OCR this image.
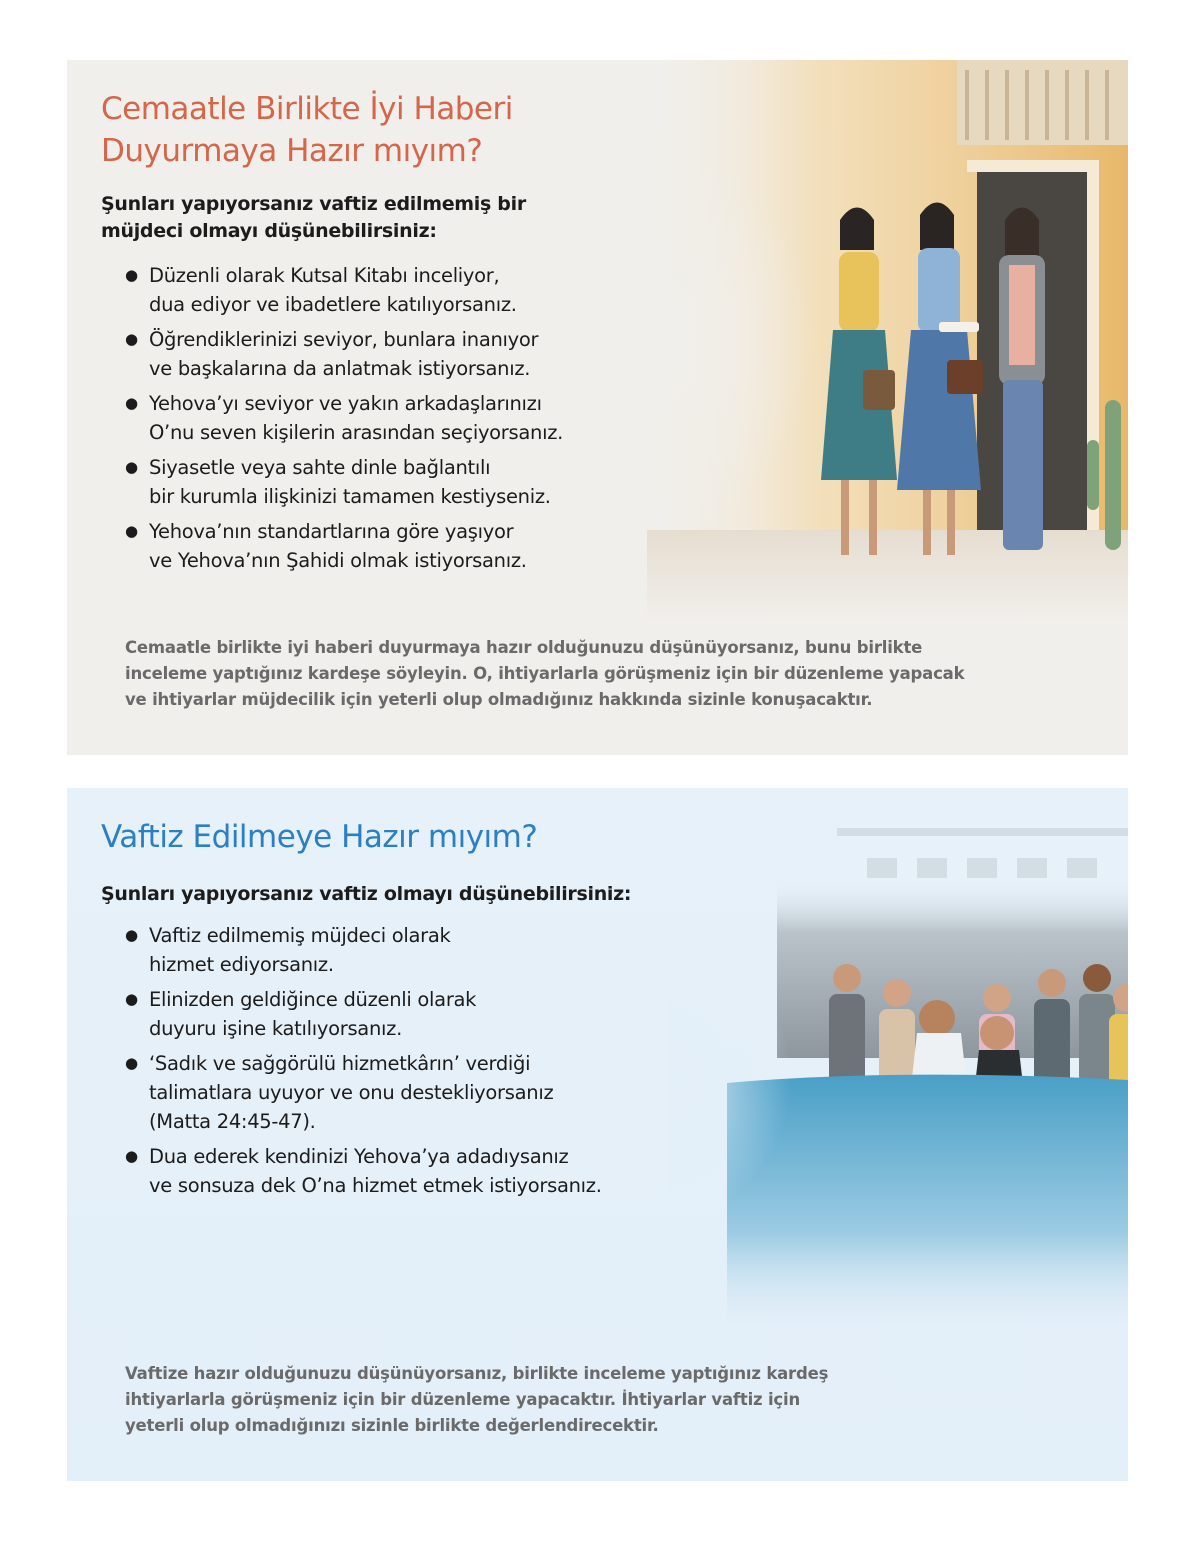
Cemaatle Birlikte İyi Haberi Duyurmaya Hazır mıyım?

Şunları yapıyorsanız vaftiz edilmemiş bir müjdeci olmayı düşünebilirsiniz:

● Düzenli olarak Kutsal Kitabı inceliyor,
dua ediyor ve ibadetlere katılıyorsanız.
● Öğrendiklerinizi seviyor, bunlara inanıyor
ve başkalarına da anlatmak istiyorsanız.
● Yehova’yı seviyor ve yakın arkadaşlarınızı
O’nu seven kişilerin arasından seçiyorsanız.
● Siyasetle veya sahte dinle bağlantılı
bir kurumla ilişkinizi tamamen kestiyseniz.
● Yehova’nın standartlarına göre yaşıyor
ve Yehova’nın Şahidi olmak istiyorsanız.

Cemaatle birlikte iyi haberi duyurmaya hazır olduğunuzu düşünüyorsanız, bunu birlikte
inceleme yaptığınız kardeşe söyleyin. O, ihtiyarlarla görüşmeniz için bir düzenleme yapacak
ve ihtiyarlar müjdecilik için yeterli olup olmadığınız hakkında sizinle konuşacaktır.

Vaftiz Edilmeye Hazır mıyım?

Şunları yapıyorsanız vaftiz olmayı düşünebilirsiniz:

● Vaftiz edilmemiş müjdeci olarak
hizmet ediyorsanız.
● Elinizden geldiğince düzenli olarak
duyuru işine katılıyorsanız.
● ‘Sadık ve sağgörülü hizmetkârın’ verdiği
talimatlara uyuyor ve onu destekliyorsanız
(Matta 24:45-47).
● Dua ederek kendinizi Yehova’ya adadıysanız
ve sonsuza dek O’na hizmet etmek istiyorsanız.

Vaftize hazır olduğunuzu düşünüyorsanız, birlikte inceleme yaptığınız kardeş
ihtiyarlarla görüşmeniz için bir düzenleme yapacaktır. İhtiyarlar vaftiz için
yeterli olup olmadığınızı sizinle birlikte değerlendirecektir.
